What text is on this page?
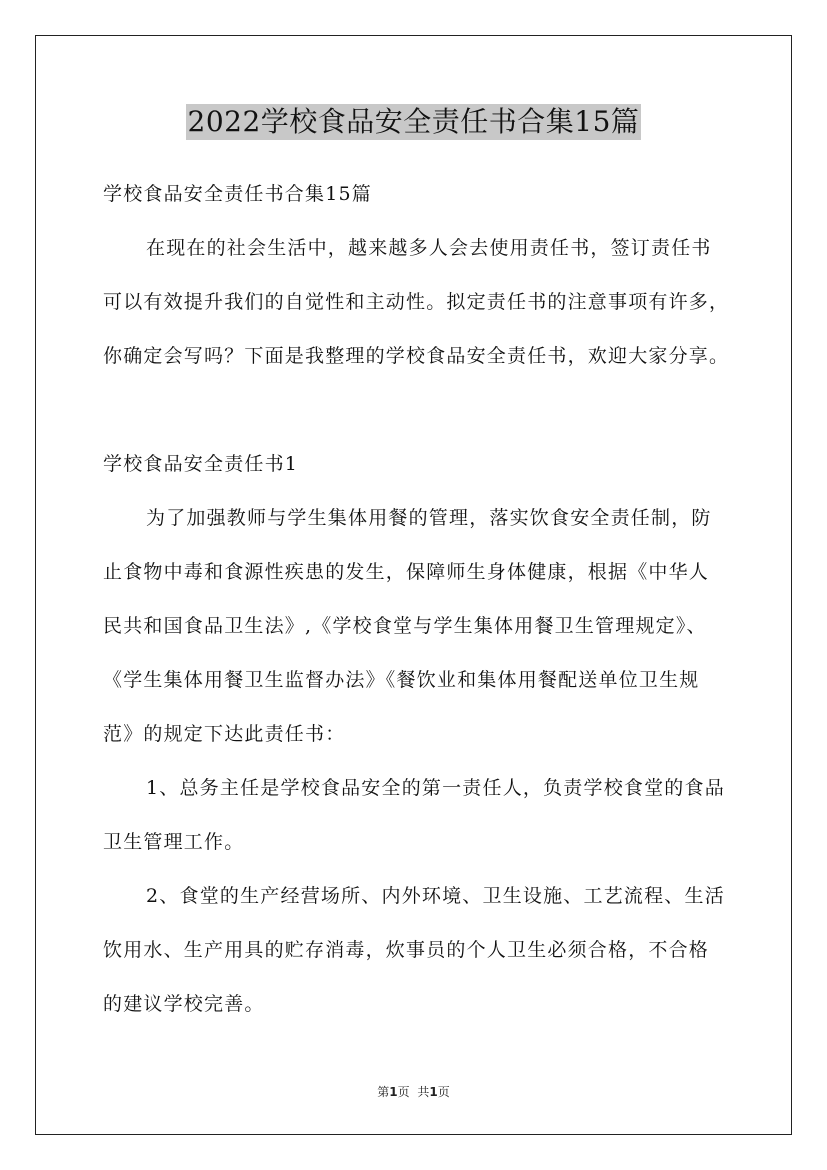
2022学校食品安全责任书合集15篇
学校食品安全责任书合集15篇
在现在的社会生活中，越来越多人会去使用责任书，签订责任书
可以有效提升我们的自觉性和主动性。拟定责任书的注意事项有许多，
你确定会写吗？下面是我整理的学校食品安全责任书，欢迎大家分享。
学校食品安全责任书1
为了加强教师与学生集体用餐的管理，落实饮食安全责任制，防
止食物中毒和食源性疾患的发生，保障师生身体健康，根据《中华人
民共和国食品卫生法》,《学校食堂与学生集体用餐卫生管理规定》、
《学生集体用餐卫生监督办法》《餐饮业和集体用餐配送单位卫生规
范》的规定下达此责任书：
1、总务主任是学校食品安全的第一责任人，负责学校食堂的食品
卫生管理工作。
2、食堂的生产经营场所、内外环境、卫生设施、工艺流程、生活
饮用水、生产用具的贮存消毒，炊事员的个人卫生必须合格，不合格
的建议学校完善。
第1页 共1页
